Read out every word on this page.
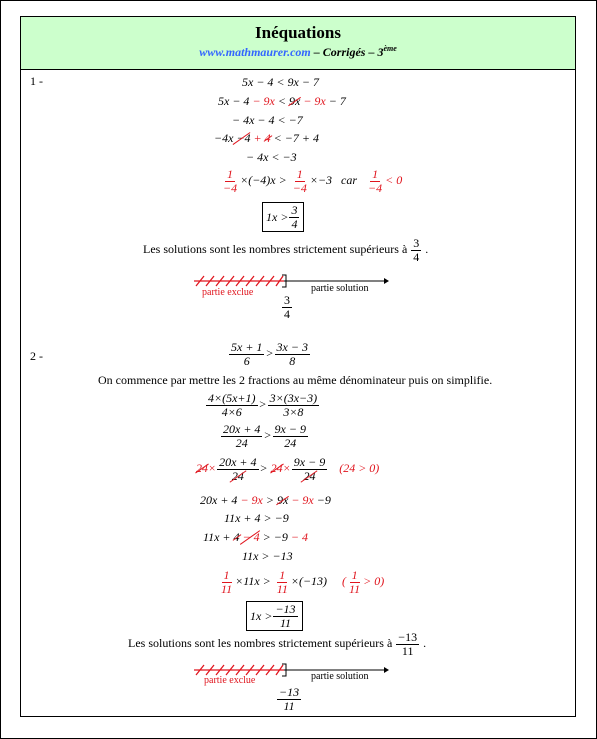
Inéquations
www.mathmaurer.com – Corrigés – 3ème
1 -	5x − 4 < 9x − 7
5x − 4 − 9x < 9x − 9x − 7
− 4x − 4 < −7
−4x −4 + 4 < −7 + 4
− 4x < −3
$\frac{1}{-4} \times(-4)x > \frac{1}{-4} \times-3$ car $\frac{1}{-4} < 0$
$1x > \frac{3}{4}$
Les solutions sont les nombres strictement supérieurs à $\frac{3}{4}$ .
partie exclue	partie solution
$\frac{3}{4}$
2 -	$\frac{5x + 1}{6} > \frac{3x - 3}{8}$
On commence par mettre les 2 fractions au même dénominateur puis on simplifie.
$\frac{4\times(5x+1)}{4\times 6} > \frac{3\times(3x-3)}{3\times 8}$
$\frac{20x + 4}{24} > \frac{9x - 9}{24}$
$24\times \frac{20x + 4}{24} > 24\times \frac{9x - 9}{24} (24 > 0)$
20x + 4 − 9x > 9x − 9x −9
11x + 4 > −9
11x + 4 − 4 > −9 − 4
11x > −13
$\frac{1}{11} \times 11x > \frac{1}{11} \times(-13)$ ( $\frac{1}{11} > 0$)
$1x > \frac{-13}{11}$
Les solutions sont les nombres strictement supérieurs à $\frac{-13}{11}$ .
partie exclue	partie solution
$\frac{-13}{11}$
